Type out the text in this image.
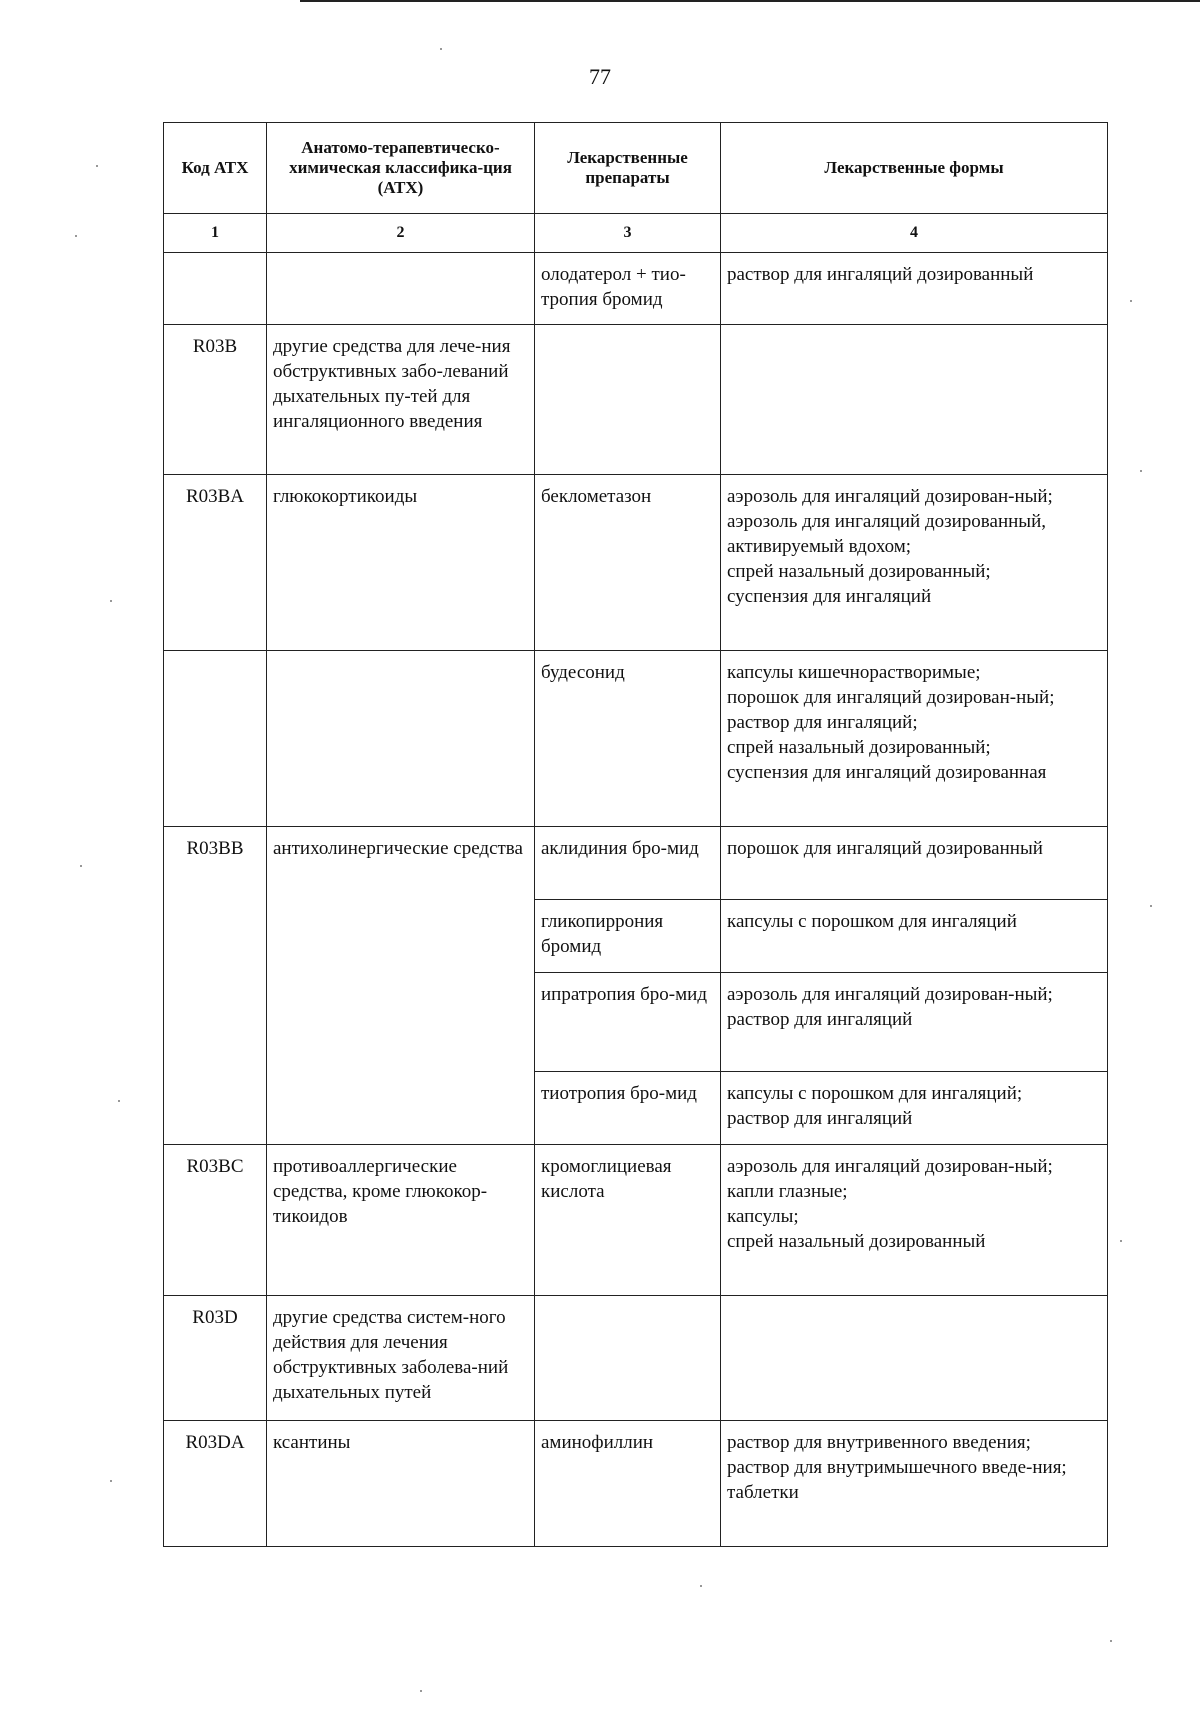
77
Код АТХ	Анатомо-терапевтическо-химическая классифика-ция (АТХ)	Лекарственные препараты	Лекарственные формы
1	2	3	4
		олодатерол + тио-тропия бромид	раствор для ингаляций дозированный
R03B	другие средства для лече-ния обструктивных забо-леваний дыхательных пу-тей для ингаляционного введения		
R03BA	глюкокортикоиды	беклометазон	аэрозоль для ингаляций дозирован-ный;
аэрозоль для ингаляций дозированный, активируемый вдохом;
спрей назальный дозированный;
суспензия для ингаляций
		будесонид	капсулы кишечнорастворимые;
порошок для ингаляций дозирован-ный;
раствор для ингаляций;
спрей назальный дозированный;
суспензия для ингаляций дозированная
R03BB	антихолинергические средства	аклидиния бро-мид	порошок для ингаляций дозированный
		гликопиррония бромид	капсулы с порошком для ингаляций
		ипратропия бро-мид	аэрозоль для ингаляций дозирован-ный;
раствор для ингаляций
		тиотропия бро-мид	капсулы с порошком для ингаляций;
раствор для ингаляций
R03BC	противоаллергические средства, кроме глюкокор-тикоидов	кромоглициевая кислота	аэрозоль для ингаляций дозирован-ный;
капли глазные;
капсулы;
спрей назальный дозированный
R03D	другие средства систем-ного действия для лечения обструктивных заболева-ний дыхательных путей		
R03DA	ксантины	аминофиллин	раствор для внутривенного введения;
раствор для внутримышечного введе-ния;
таблетки
